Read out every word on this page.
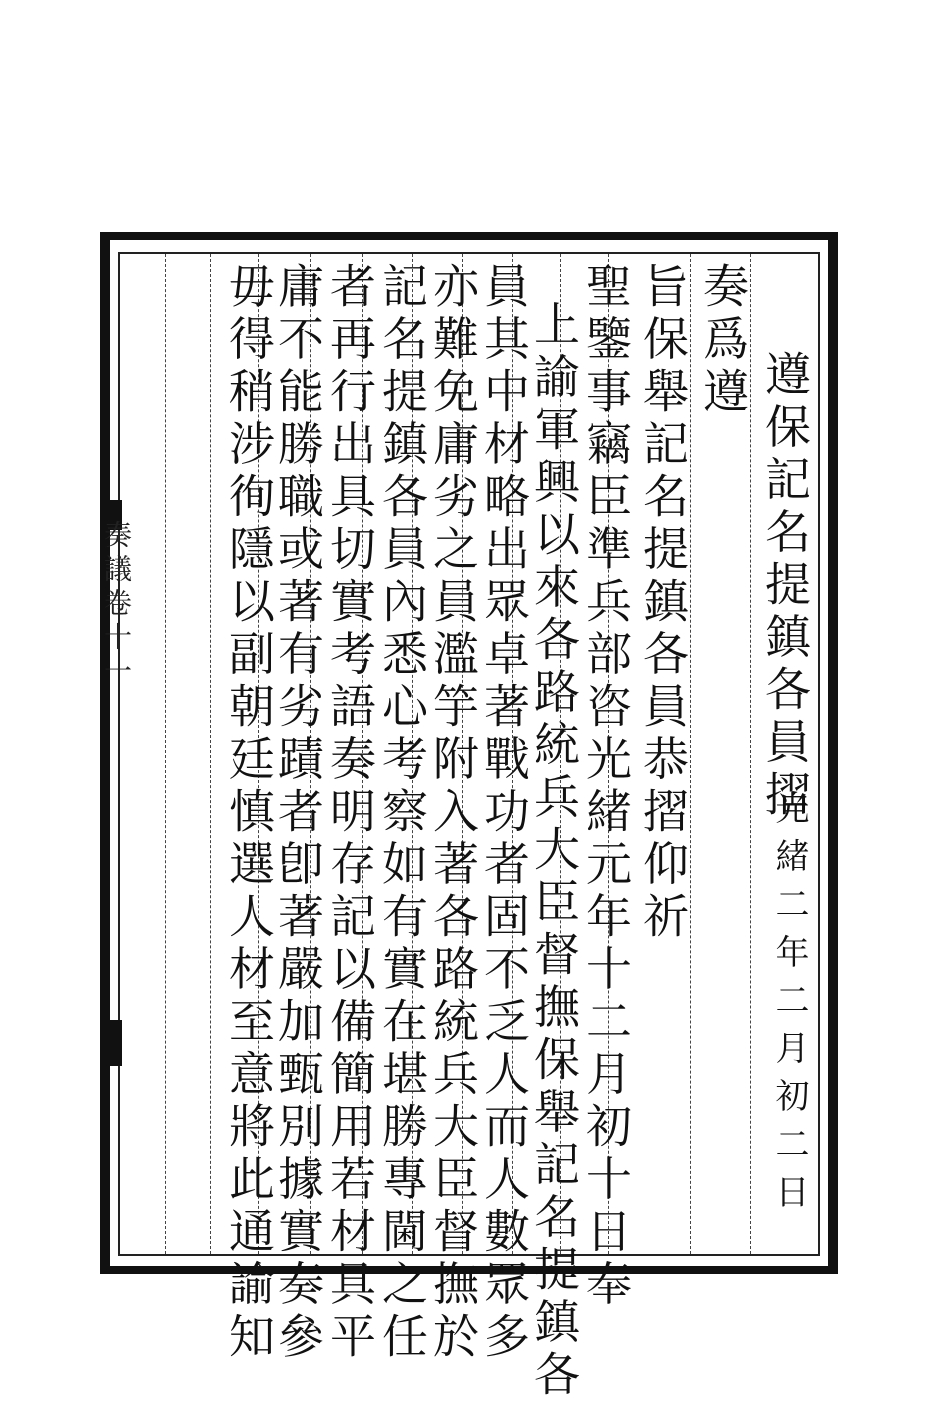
奏議卷十一	遵保記名提鎮各員摺
光緒二年二月初二日
奏爲遵
旨保舉記名提鎮各員恭摺仰祈
聖鑒事竊臣準兵部咨光緒元年十二月初十日奉
上諭軍興以來各路統兵大臣督撫保舉記名提鎮各
員其中材略出眾卓著戰功者固不乏人而人數眾多
亦難免庸劣之員濫竽附入著各路統兵大臣督撫於
記名提鎮各員內悉心考察如有實在堪勝專閫之任
者再行出具切實考語奏明存記以備簡用若材具平
庸不能勝職或著有劣蹟者卽著嚴加甄別據實奏參
毋得稍涉徇隱以副朝廷慎選人材至意將此通諭知
